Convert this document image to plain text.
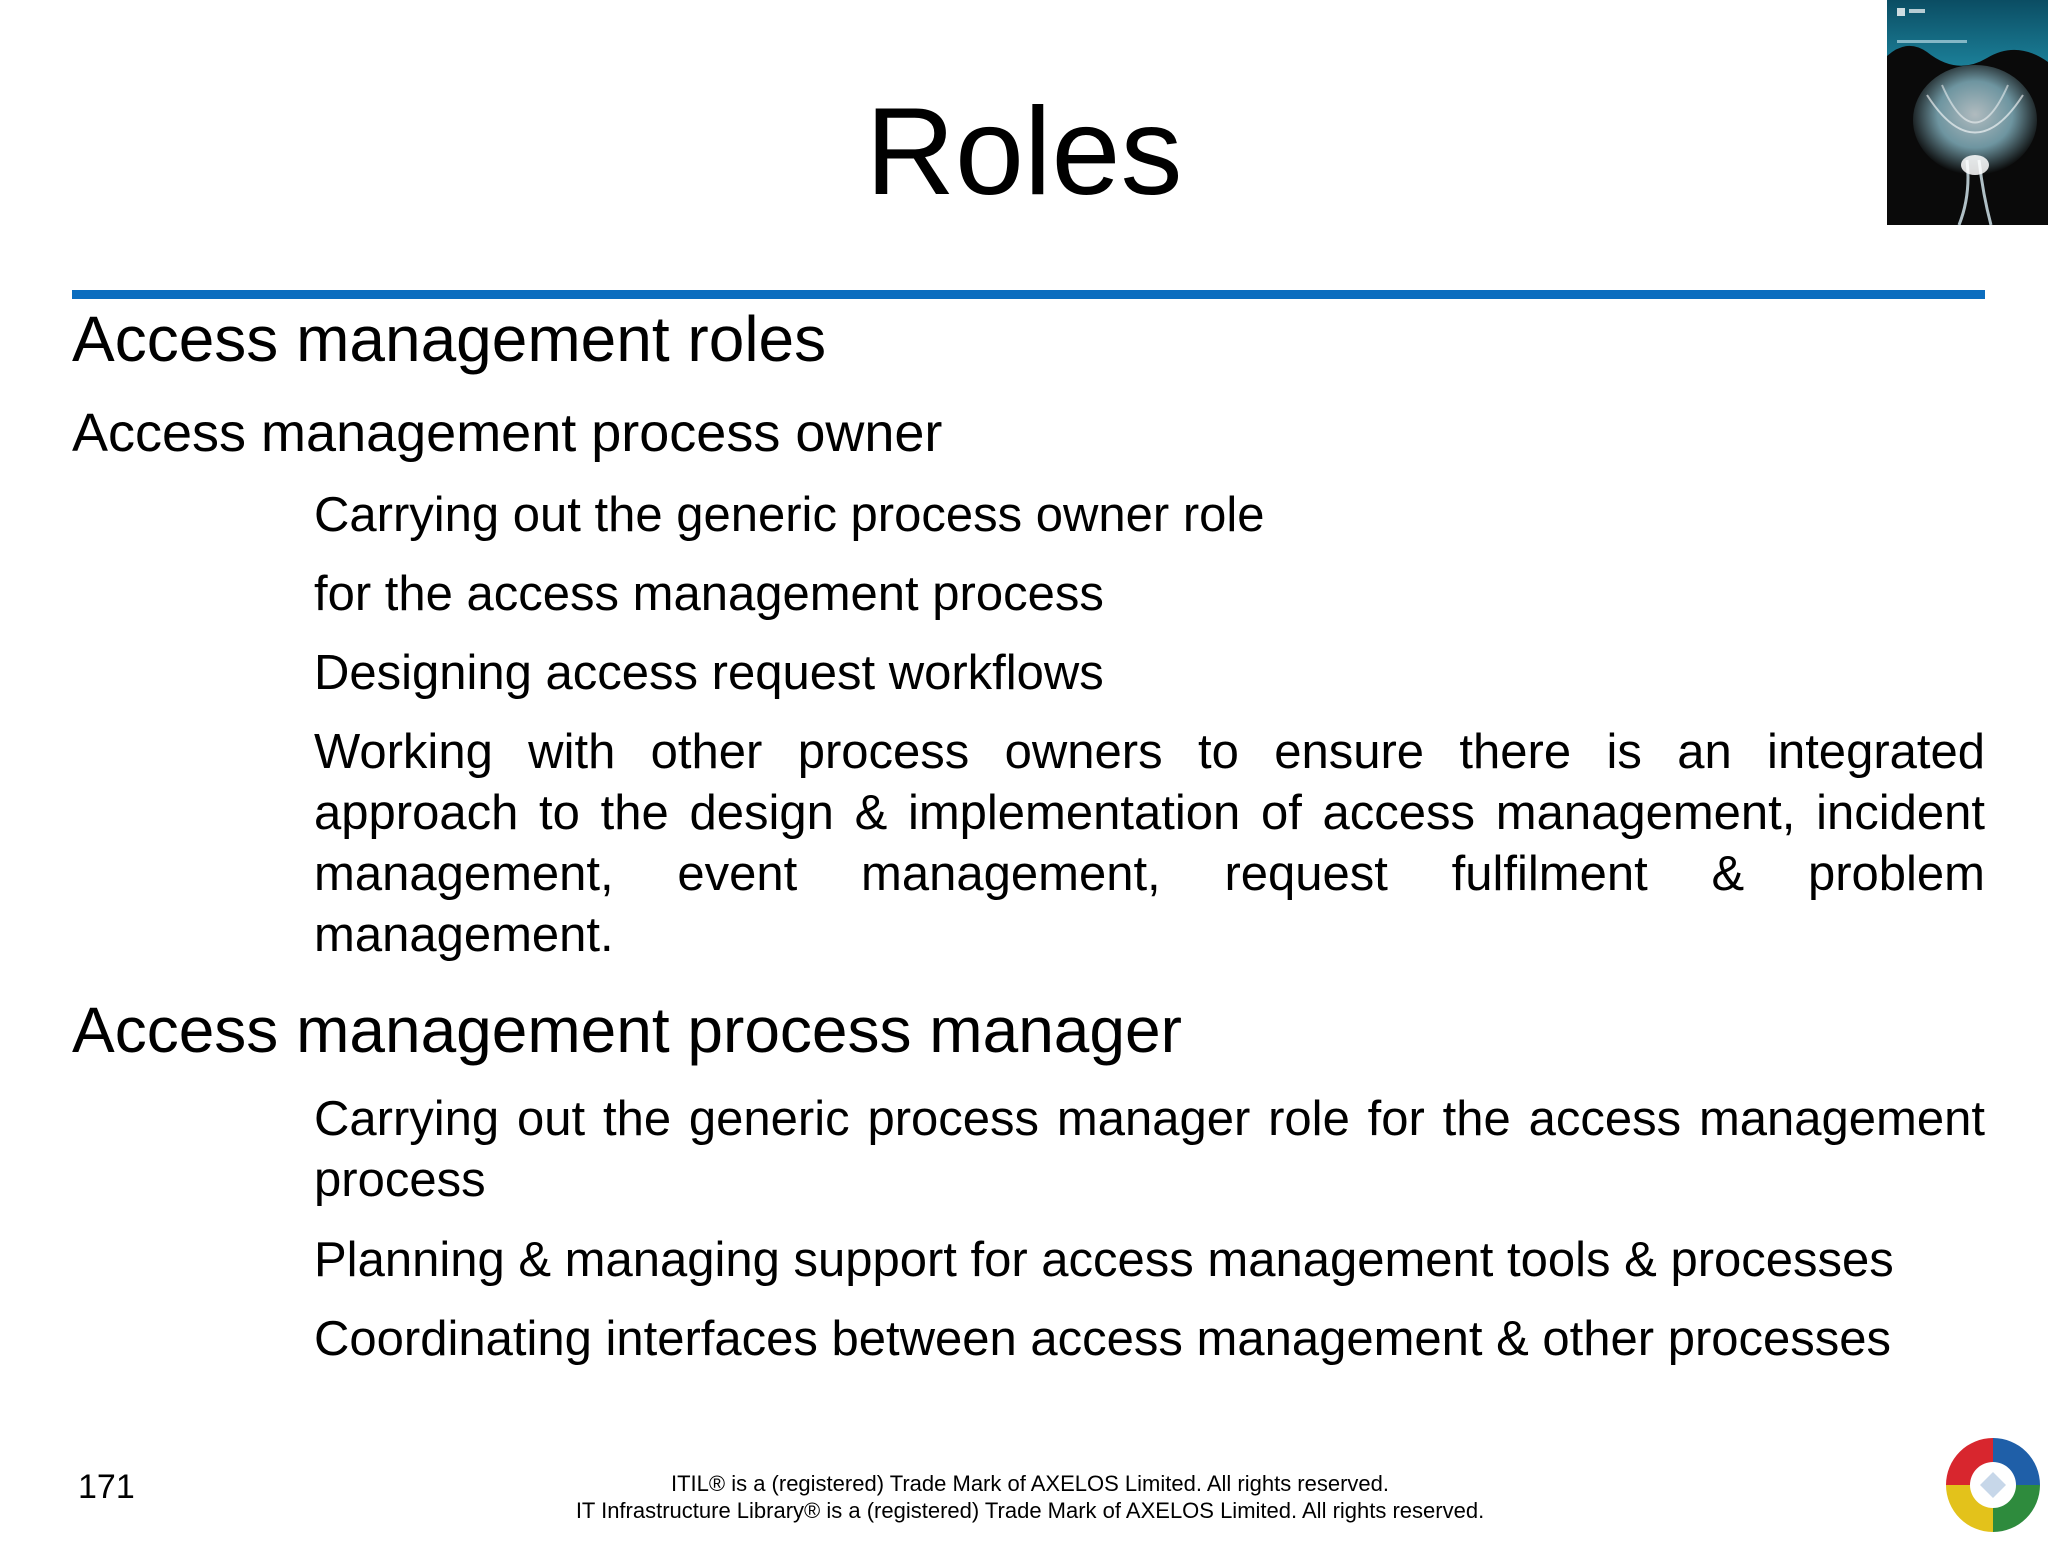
Roles
Access management roles
Access management process owner
Carrying out the generic process owner role
for the access management process
Designing access request workflows
Working with other process owners to ensure there is an integrated approach to the design & implementation of access management, incident management, event management, request fulfilment & problem management.
Access management process manager
Carrying out the generic process manager role for the access management process
Planning & managing support for access management tools & processes
Coordinating interfaces between access management & other processes
171	ITIL® is a (registered) Trade Mark of AXELOS Limited. All rights reserved.
IT Infrastructure Library® is a (registered) Trade Mark of AXELOS Limited. All rights reserved.
